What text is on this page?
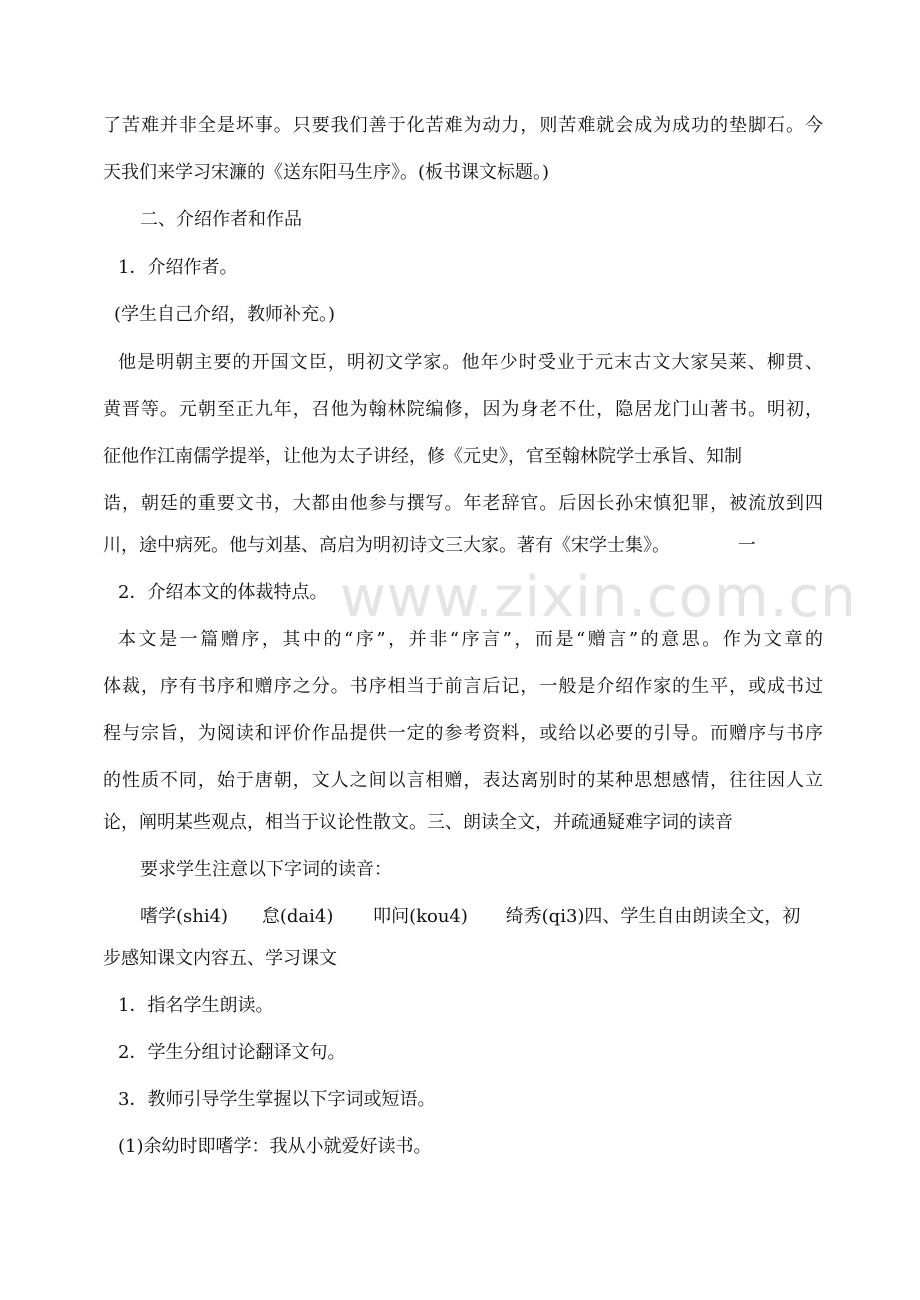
www.zixin.com.cn
了苦难并非全是坏事。只要我们善于化苦难为动力，则苦难就会成为成功的垫脚石。今
天我们来学习宋濂的《送东阳马生序》。(板书课文标题。)
二、介绍作者和作品
1．介绍作者。
(学生自己介绍，教师补充。)
他是明朝主要的开国文臣，明初文学家。他年少时受业于元末古文大家吴莱、柳贯、
黄晋等。元朝至正九年，召他为翰林院编修，因为身老不仕，隐居龙门山著书。明初，
征他作江南儒学提举，让他为太子讲经，修《元史》，官至翰林院学士承旨、知制
诰，朝廷的重要文书，大都由他参与撰写。年老辞官。后因长孙宋慎犯罪，被流放到四
川，途中病死。他与刘基、高启为明初诗文三大家。著有《宋学士集》。	一
2．介绍本文的体裁特点。
本文是一篇赠序，其中的“序”，并非“序言”，而是“赠言”的意思。作为文章的
体裁，序有书序和赠序之分。书序相当于前言后记，一般是介绍作家的生平，或成书过
程与宗旨，为阅读和评价作品提供一定的参考资料，或给以必要的引导。而赠序与书序
的性质不同，始于唐朝，文人之间以言相赠，表达离别时的某种思想感情，往往因人立
论，阐明某些观点，相当于议论性散文。三、朗读全文，并疏通疑难字词的读音
要求学生注意以下字词的读音：
嗜学(shi4) 怠(dai4) 叩问(kou4) 绮秀(qi3)四、学生自由朗读全文，初
步感知课文内容五、学习课文
1．指名学生朗读。
2．学生分组讨论翻译文句。
3．教师引导学生掌握以下字词或短语。
(1)余幼时即嗜学：我从小就爱好读书。
